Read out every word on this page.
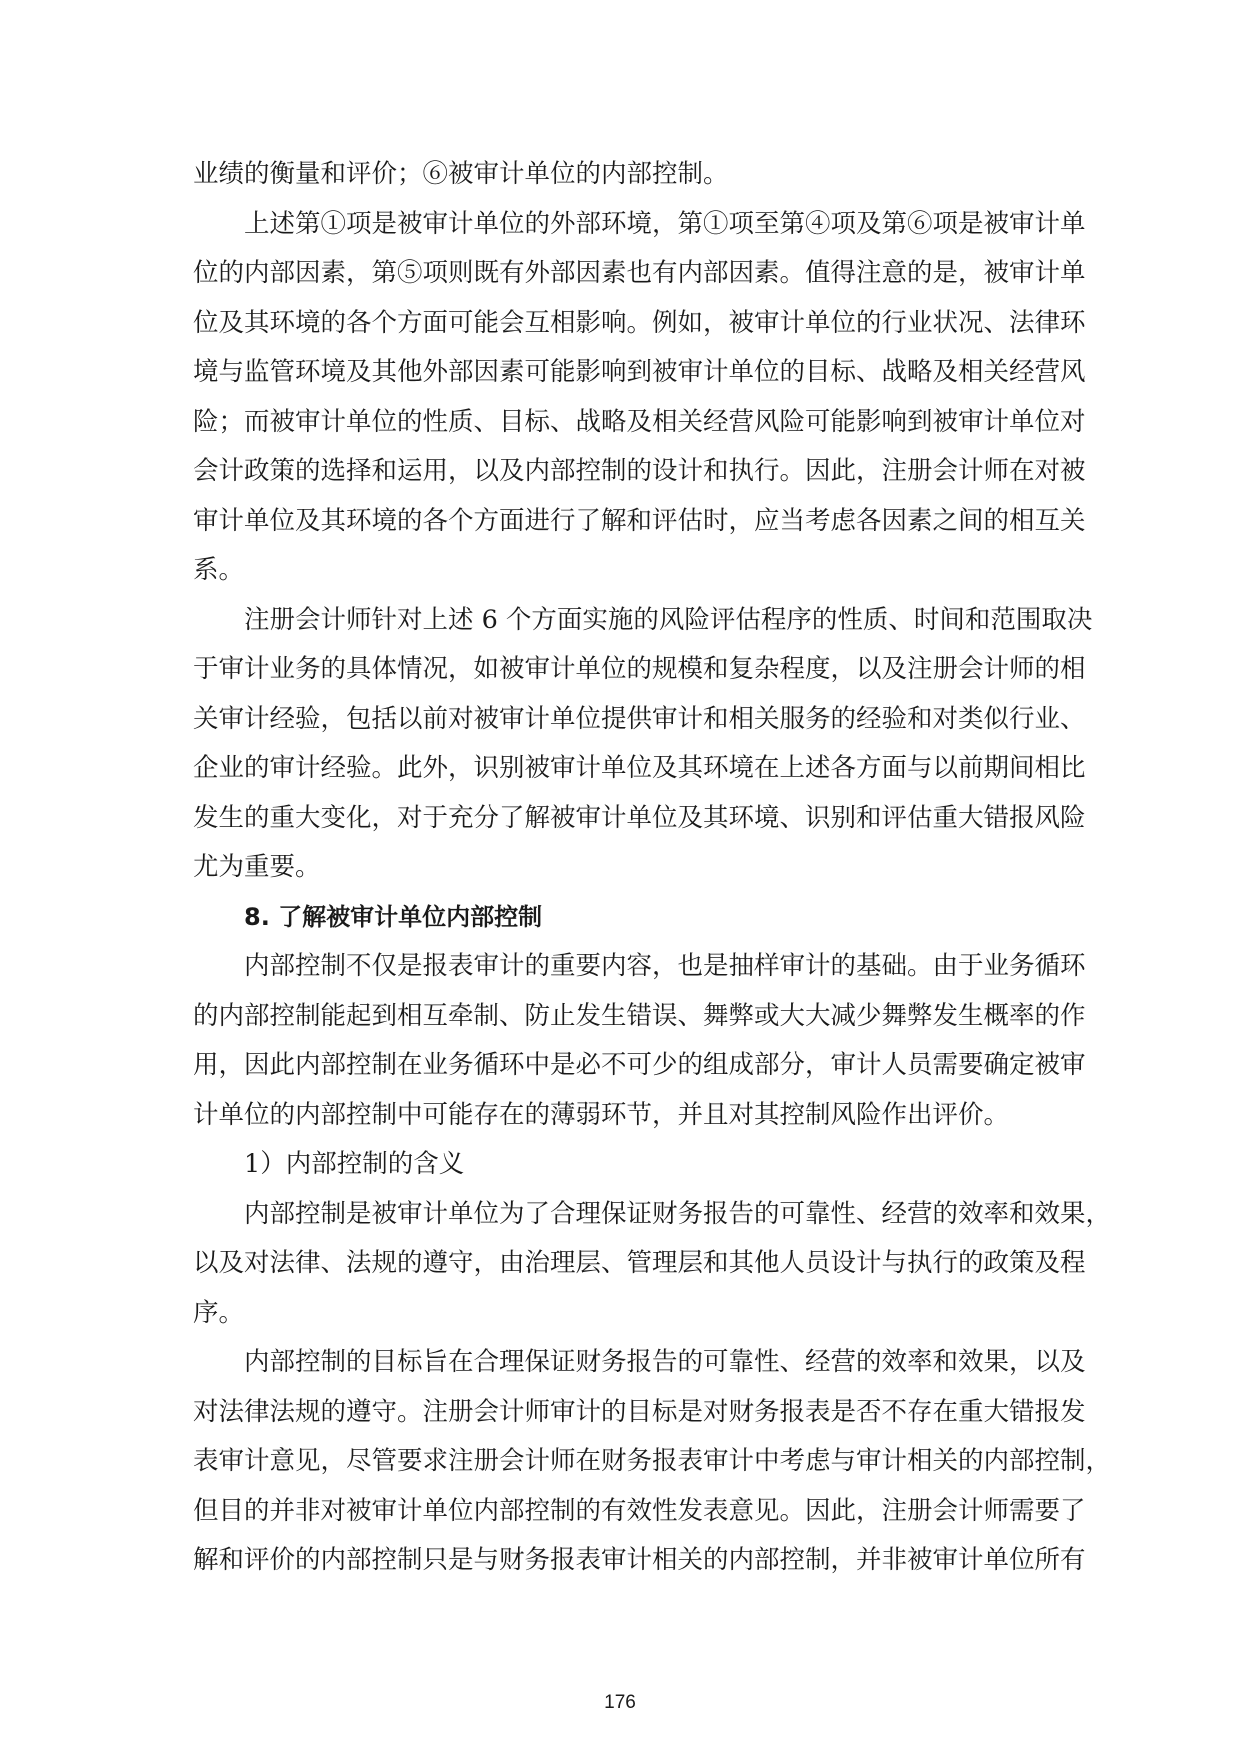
业绩的衡量和评价；⑥被审计单位的内部控制。
上述第①项是被审计单位的外部环境，第①项至第④项及第⑥项是被审计单
位的内部因素，第⑤项则既有外部因素也有内部因素。值得注意的是，被审计单
位及其环境的各个方面可能会互相影响。例如，被审计单位的行业状况、法律环
境与监管环境及其他外部因素可能影响到被审计单位的目标、战略及相关经营风
险；而被审计单位的性质、目标、战略及相关经营风险可能影响到被审计单位对
会计政策的选择和运用，以及内部控制的设计和执行。因此，注册会计师在对被
审计单位及其环境的各个方面进行了解和评估时，应当考虑各因素之间的相互关
系。
注册会计师针对上述 6 个方面实施的风险评估程序的性质、时间和范围取决
于审计业务的具体情况，如被审计单位的规模和复杂程度，以及注册会计师的相
关审计经验，包括以前对被审计单位提供审计和相关服务的经验和对类似行业、
企业的审计经验。此外，识别被审计单位及其环境在上述各方面与以前期间相比
发生的重大变化，对于充分了解被审计单位及其环境、识别和评估重大错报风险
尤为重要。
8. 了解被审计单位内部控制
内部控制不仅是报表审计的重要内容，也是抽样审计的基础。由于业务循环
的内部控制能起到相互牵制、防止发生错误、舞弊或大大减少舞弊发生概率的作
用，因此内部控制在业务循环中是必不可少的组成部分，审计人员需要确定被审
计单位的内部控制中可能存在的薄弱环节，并且对其控制风险作出评价。
1）内部控制的含义
内部控制是被审计单位为了合理保证财务报告的可靠性、经营的效率和效果，
以及对法律、法规的遵守，由治理层、管理层和其他人员设计与执行的政策及程
序。
内部控制的目标旨在合理保证财务报告的可靠性、经营的效率和效果，以及
对法律法规的遵守。注册会计师审计的目标是对财务报表是否不存在重大错报发
表审计意见，尽管要求注册会计师在财务报表审计中考虑与审计相关的内部控制，
但目的并非对被审计单位内部控制的有效性发表意见。因此，注册会计师需要了
解和评价的内部控制只是与财务报表审计相关的内部控制，并非被审计单位所有
176
